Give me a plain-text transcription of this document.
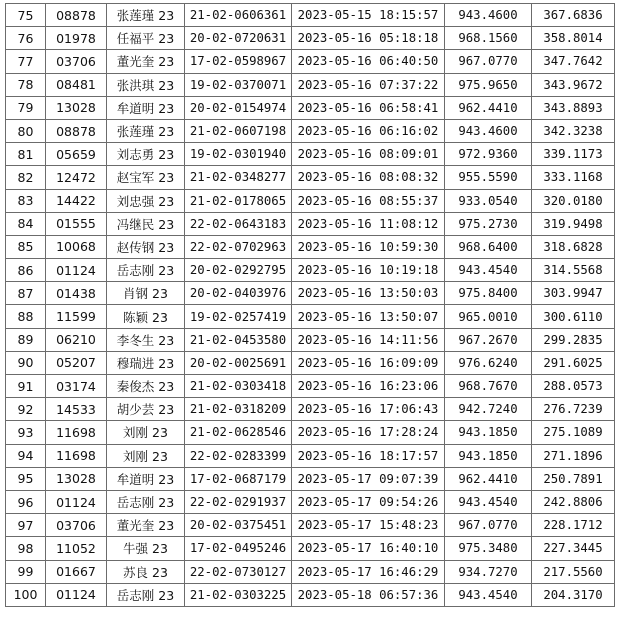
75	08878	张莲瑾 23	21-02-0606361	2023-05-15 18:15:57	943.4600	367.6836
76	01978	任福平 23	20-02-0720631	2023-05-16 05:18:18	968.1560	358.8014
77	03706	董光奎 23	17-02-0598967	2023-05-16 06:40:50	967.0770	347.7642
78	08481	张洪琪 23	19-02-0370071	2023-05-16 07:37:22	975.9650	343.9672
79	13028	牟道明 23	20-02-0154974	2023-05-16 06:58:41	962.4410	343.8893
80	08878	张莲瑾 23	21-02-0607198	2023-05-16 06:16:02	943.4600	342.3238
81	05659	刘志勇 23	19-02-0301940	2023-05-16 08:09:01	972.9360	339.1173
82	12472	赵宝军 23	21-02-0348277	2023-05-16 08:08:32	955.5590	333.1168
83	14422	刘忠强 23	21-02-0178065	2023-05-16 08:55:37	933.0540	320.0180
84	01555	冯继民 23	22-02-0643183	2023-05-16 11:08:12	975.2730	319.9498
85	10068	赵传钢 23	22-02-0702963	2023-05-16 10:59:30	968.6400	318.6828
86	01124	岳志刚 23	20-02-0292795	2023-05-16 10:19:18	943.4540	314.5568
87	01438	肖钢 23	20-02-0403976	2023-05-16 13:50:03	975.8400	303.9947
88	11599	陈颖 23	19-02-0257419	2023-05-16 13:50:07	965.0010	300.6110
89	06210	李冬生 23	21-02-0453580	2023-05-16 14:11:56	967.2670	299.2835
90	05207	穆瑞进 23	20-02-0025691	2023-05-16 16:09:09	976.6240	291.6025
91	03174	秦俊杰 23	21-02-0303418	2023-05-16 16:23:06	968.7670	288.0573
92	14533	胡少芸 23	21-02-0318209	2023-05-16 17:06:43	942.7240	276.7239
93	11698	刘刚 23	21-02-0628546	2023-05-16 17:28:24	943.1850	275.1089
94	11698	刘刚 23	22-02-0283399	2023-05-16 18:17:57	943.1850	271.1896
95	13028	牟道明 23	17-02-0687179	2023-05-17 09:07:39	962.4410	250.7891
96	01124	岳志刚 23	22-02-0291937	2023-05-17 09:54:26	943.4540	242.8806
97	03706	董光奎 23	20-02-0375451	2023-05-17 15:48:23	967.0770	228.1712
98	11052	牛强 23	17-02-0495246	2023-05-17 16:40:10	975.3480	227.3445
99	01667	苏良 23	22-02-0730127	2023-05-17 16:46:29	934.7270	217.5560
100	01124	岳志刚 23	21-02-0303225	2023-05-18 06:57:36	943.4540	204.3170
